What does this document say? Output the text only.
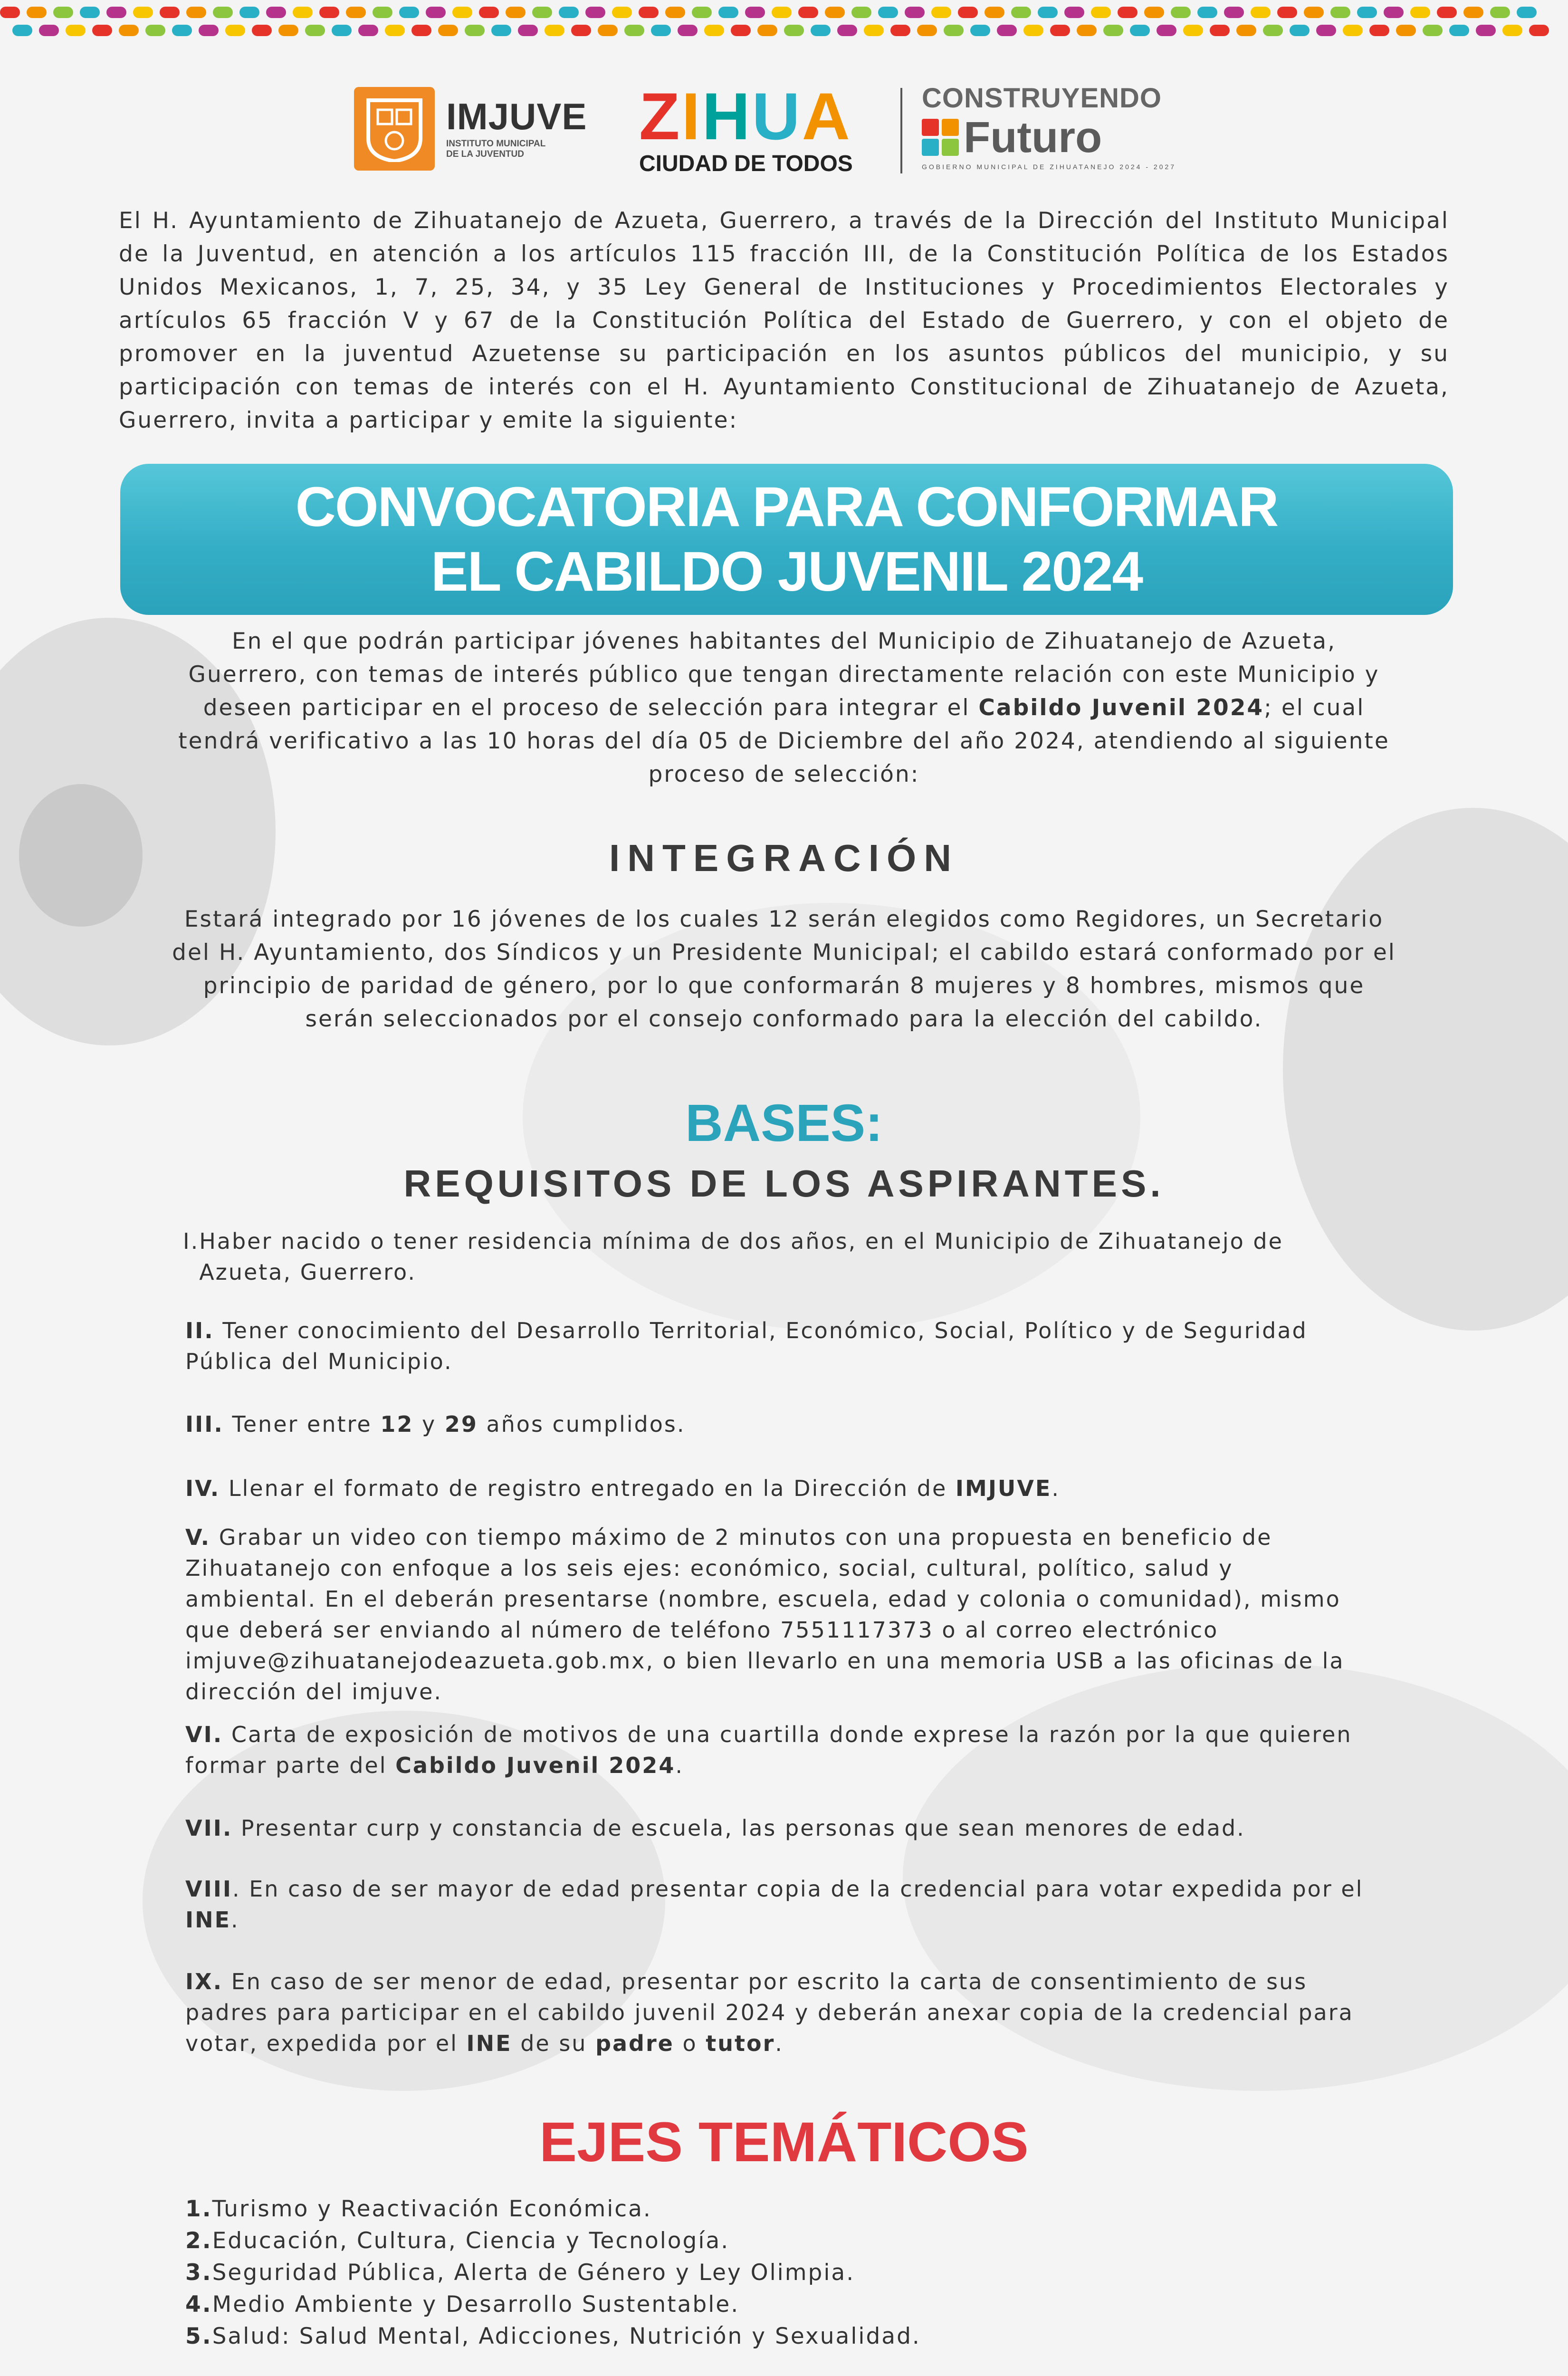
IMJUVE
INSTITUTO MUNICIPAL
DE LA JUVENTUD
ZIHUA
CIUDAD DE TODOS
CONSTRUYENDO
Futuro
GOBIERNO MUNICIPAL DE ZIHUATANEJO 2024 - 2027
El H. Ayuntamiento de Zihuatanejo de Azueta, Guerrero, a través de la Dirección del Instituto Municipal de la Juventud, en atención a los artículos 115 fracción III, de la Constitución Política de los Estados Unidos Mexicanos, 1, 7, 25, 34, y 35 Ley General de Instituciones y Procedimientos Electorales y artículos 65 fracción V y 67 de la Constitución Política del Estado de Guerrero, y con el objeto de promover en la juventud Azuetense su participación en los asuntos públicos del municipio, y su participación con temas de interés con el H. Ayuntamiento Constitucional de Zihuatanejo de Azueta, Guerrero, invita a participar y emite la siguiente:
CONVOCATORIA PARA CONFORMAR
EL CABILDO JUVENIL 2024
En el que podrán participar jóvenes habitantes del Municipio de Zihuatanejo de Azueta, Guerrero, con temas de interés público que tengan directamente relación con este Municipio y deseen participar en el proceso de selección para integrar el Cabildo Juvenil 2024; el cual tendrá verificativo a las 10 horas del día 05 de Diciembre del año 2024, atendiendo al siguiente proceso de selección:
INTEGRACIÓN
Estará integrado por 16 jóvenes de los cuales 12 serán elegidos como Regidores, un Secretario del H. Ayuntamiento, dos Síndicos y un Presidente Municipal; el cabildo estará conformado por el principio de paridad de género, por lo que conformarán 8 mujeres y 8 hombres, mismos que serán seleccionados por el consejo conformado para la elección del cabildo.
BASES:
REQUISITOS DE LOS ASPIRANTES.
I.Haber nacido o tener residencia mínima de dos años, en el Municipio de Zihuatanejo de Azueta, Guerrero.
II. Tener conocimiento del Desarrollo Territorial, Económico, Social, Político y de Seguridad Pública del Municipio.
III. Tener entre 12 y 29 años cumplidos.
IV. Llenar el formato de registro entregado en la Dirección de IMJUVE.
V. Grabar un video con tiempo máximo de 2 minutos con una propuesta en beneficio de Zihuatanejo con enfoque a los seis ejes: económico, social, cultural, político, salud y ambiental. En el deberán presentarse (nombre, escuela, edad y colonia o comunidad), mismo que deberá ser enviando al número de teléfono 7551117373 o al correo electrónico imjuve@zihuatanejodeazueta.gob.mx, o bien llevarlo en una memoria USB a las oficinas de la dirección del imjuve.
VI. Carta de exposición de motivos de una cuartilla donde exprese la razón por la que quieren formar parte del Cabildo Juvenil 2024.
VII. Presentar curp y constancia de escuela, las personas que sean menores de edad.
VIII. En caso de ser mayor de edad presentar copia de la credencial para votar expedida por el INE.
IX. En caso de ser menor de edad, presentar por escrito la carta de consentimiento de sus padres para participar en el cabildo juvenil 2024 y deberán anexar copia de la credencial para votar, expedida por el INE de su padre o tutor.
EJES TEMÁTICOS
1.Turismo y Reactivación Económica.
2.Educación, Cultura, Ciencia y Tecnología.
3.Seguridad Pública, Alerta de Género y Ley Olimpia.
4.Medio Ambiente y Desarrollo Sustentable.
5.Salud: Salud Mental, Adicciones, Nutrición y Sexualidad.
